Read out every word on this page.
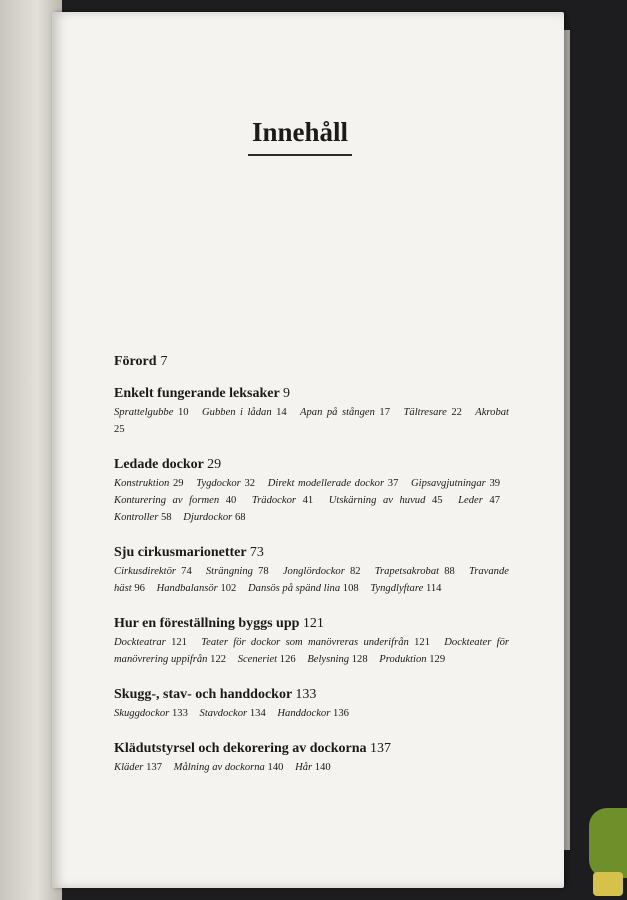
Innehåll
Förord 7
Enkelt fungerande leksaker 9
Sprattelgubbe 10 Gubben i lådan 14 Apan på stången 17 Tältresare 22 Akrobat 25
Ledade dockor 29
Konstruktion 29 Tygdockor 32 Direkt modellerade dockor 37 Gipsavgjutningar 39 Konturering av formen 40 Trädockor 41 Utskärning av huvud 45 Leder 47 Kontroller 58 Djurdockor 68
Sju cirkusmarionetter 73
Cirkusdirektör 74 Strängning 78 Jonglördockor 82 Trapetsakrobat 88 Travande häst 96 Handbalansör 102 Dansös på spänd lina 108 Tyngdlyftare 114
Hur en föreställning byggs upp 121
Dockteatrar 121 Teater för dockor som manövreras underifrån 121 Dockteater för manövrering uppifrån 122 Sceneriet 126 Belysning 128 Produktion 129
Skugg-, stav- och handdockor 133
Skuggdockor 133 Stavdockor 134 Handdockor 136
Klädutstyrsel och dekorering av dockorna 137
Kläder 137 Målning av dockorna 140 Hår 140
